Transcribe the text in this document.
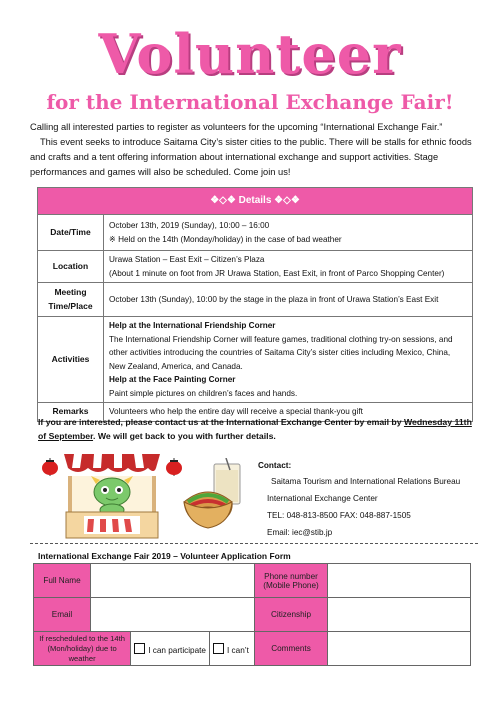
Volunteer
for the International Exchange Fair!
Calling all interested parties to register as volunteers for the upcoming “International Exchange Fair.”
This event seeks to introduce Saitama City’s sister cities to the public. There will be stalls for ethnic foods and crafts and a tent offering information about international exchange and support activities. Stage performances and games will also be scheduled. Come join us!
❖◇❖ Details ❖◇❖	
Date/Time	October 13th, 2019 (Sunday), 10:00 – 16:00
※ Held on the 14th (Monday/holiday) in the case of bad weather

Location	Urawa Station – East Exit – Citizen’s Plaza
(About 1 minute on foot from JR Urawa Station, East Exit, in front of Parco Shopping Center)

Meeting Time/Place	October 13th (Sunday), 10:00 by the stage in the plaza in front of Urawa Station’s East Exit
Activities	Help at the International Friendship Corner
The International Friendship Corner will feature games, traditional clothing try-on sessions, and other activities introducing the countries of Saitama City’s sister cities including Mexico, China, New Zealand, America, and Canada.
Help at the Face Painting Corner
Paint simple pictures on children’s faces and hands.

Remarks	Volunteers who help the entire day will receive a special thank-you gift
If you are interested, please contact us at the International Exchange Center by email by Wednesday 11th of September. We will get back to you with further details.
Contact:
Saitama Tourism and International Relations Bureau
International Exchange Center
TEL: 048-813-8500 FAX: 048-887-1505
Email: iec@stib.jp
International Exchange Fair 2019 – Volunteer Application Form
Full Name				Phone number (Mobile Phone)	
Email				Citizenship	
If rescheduled to the 14th (Mon/holiday) due to weather		I can participate	I can’t	Comments	
